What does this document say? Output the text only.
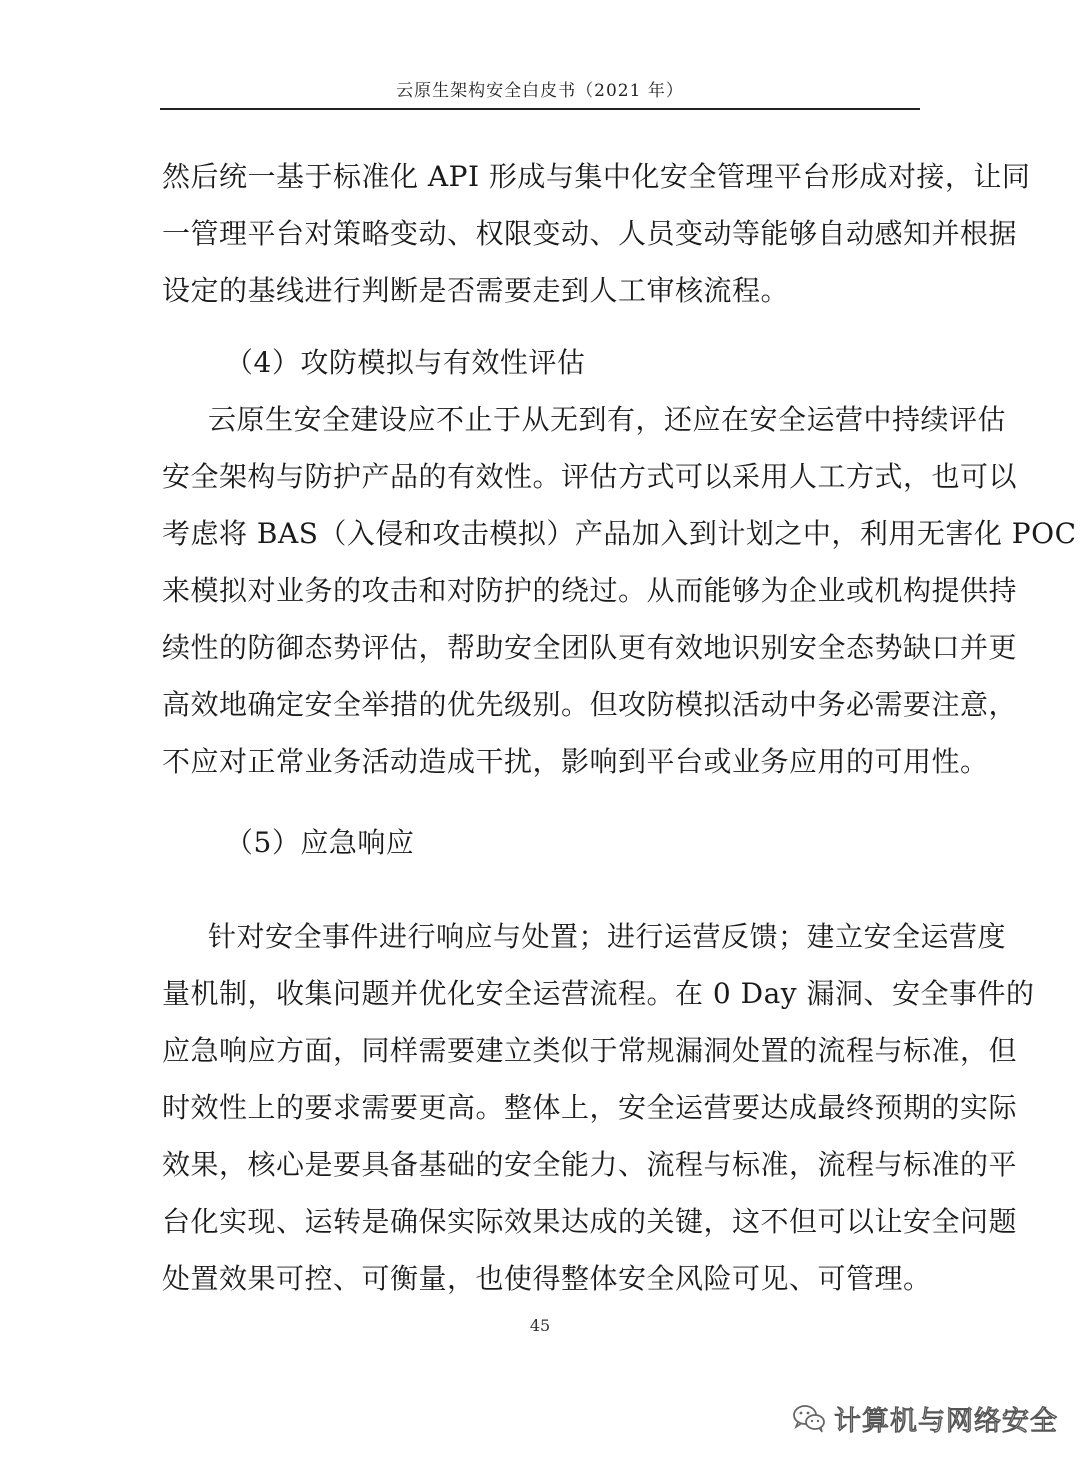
云原生架构安全白皮书（2021 年）
然后统一基于标准化 API 形成与集中化安全管理平台形成对接，让同
一管理平台对策略变动、权限变动、人员变动等能够自动感知并根据
设定的基线进行判断是否需要走到人工审核流程。
（4）攻防模拟与有效性评估
云原生安全建设应不止于从无到有，还应在安全运营中持续评估
安全架构与防护产品的有效性。评估方式可以采用人工方式，也可以
考虑将 BAS（入侵和攻击模拟）产品加入到计划之中，利用无害化 POC
来模拟对业务的攻击和对防护的绕过。从而能够为企业或机构提供持
续性的防御态势评估，帮助安全团队更有效地识别安全态势缺口并更
高效地确定安全举措的优先级别。但攻防模拟活动中务必需要注意，
不应对正常业务活动造成干扰，影响到平台或业务应用的可用性。
（5）应急响应
针对安全事件进行响应与处置；进行运营反馈；建立安全运营度
量机制，收集问题并优化安全运营流程。在 0 Day 漏洞、安全事件的
应急响应方面，同样需要建立类似于常规漏洞处置的流程与标准，但
时效性上的要求需要更高。整体上，安全运营要达成最终预期的实际
效果，核心是要具备基础的安全能力、流程与标准，流程与标准的平
台化实现、运转是确保实际效果达成的关键，这不但可以让安全问题
处置效果可控、可衡量，也使得整体安全风险可见、可管理。
45
计算机与网络安全
